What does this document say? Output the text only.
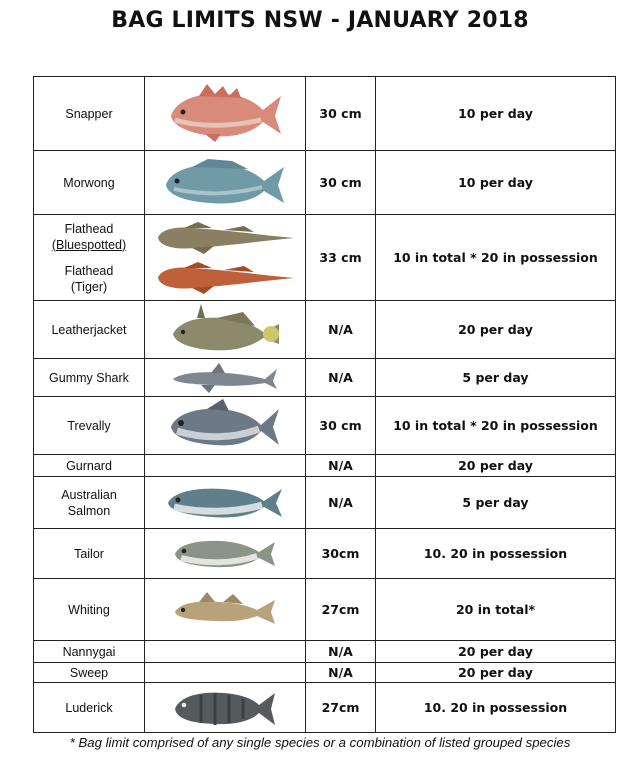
BAG LIMITS NSW - JANUARY 2018
Snapper		30 cm	10 per day
Morwong		30 cm	10 per day

Flathead
(Bluespotted)
Flathead
(Tiger)		33 cm	10 in total * 20 in possession
Leatherjacket		N/A	20 per day
Gummy Shark		N/A	5 per day
Trevally		30 cm	10 in total * 20 in possession
Gurnard		N/A	20 per day

Australian
Salmon		N/A	5 per day
Tailor		30cm	10. 20 in possession
Whiting		27cm	20 in total*
Nannygai		N/A	20 per day
Sweep		N/A	20 per day
Luderick		27cm	10. 20 in possession
* Bag limit comprised of any single species or a combination of listed grouped species
